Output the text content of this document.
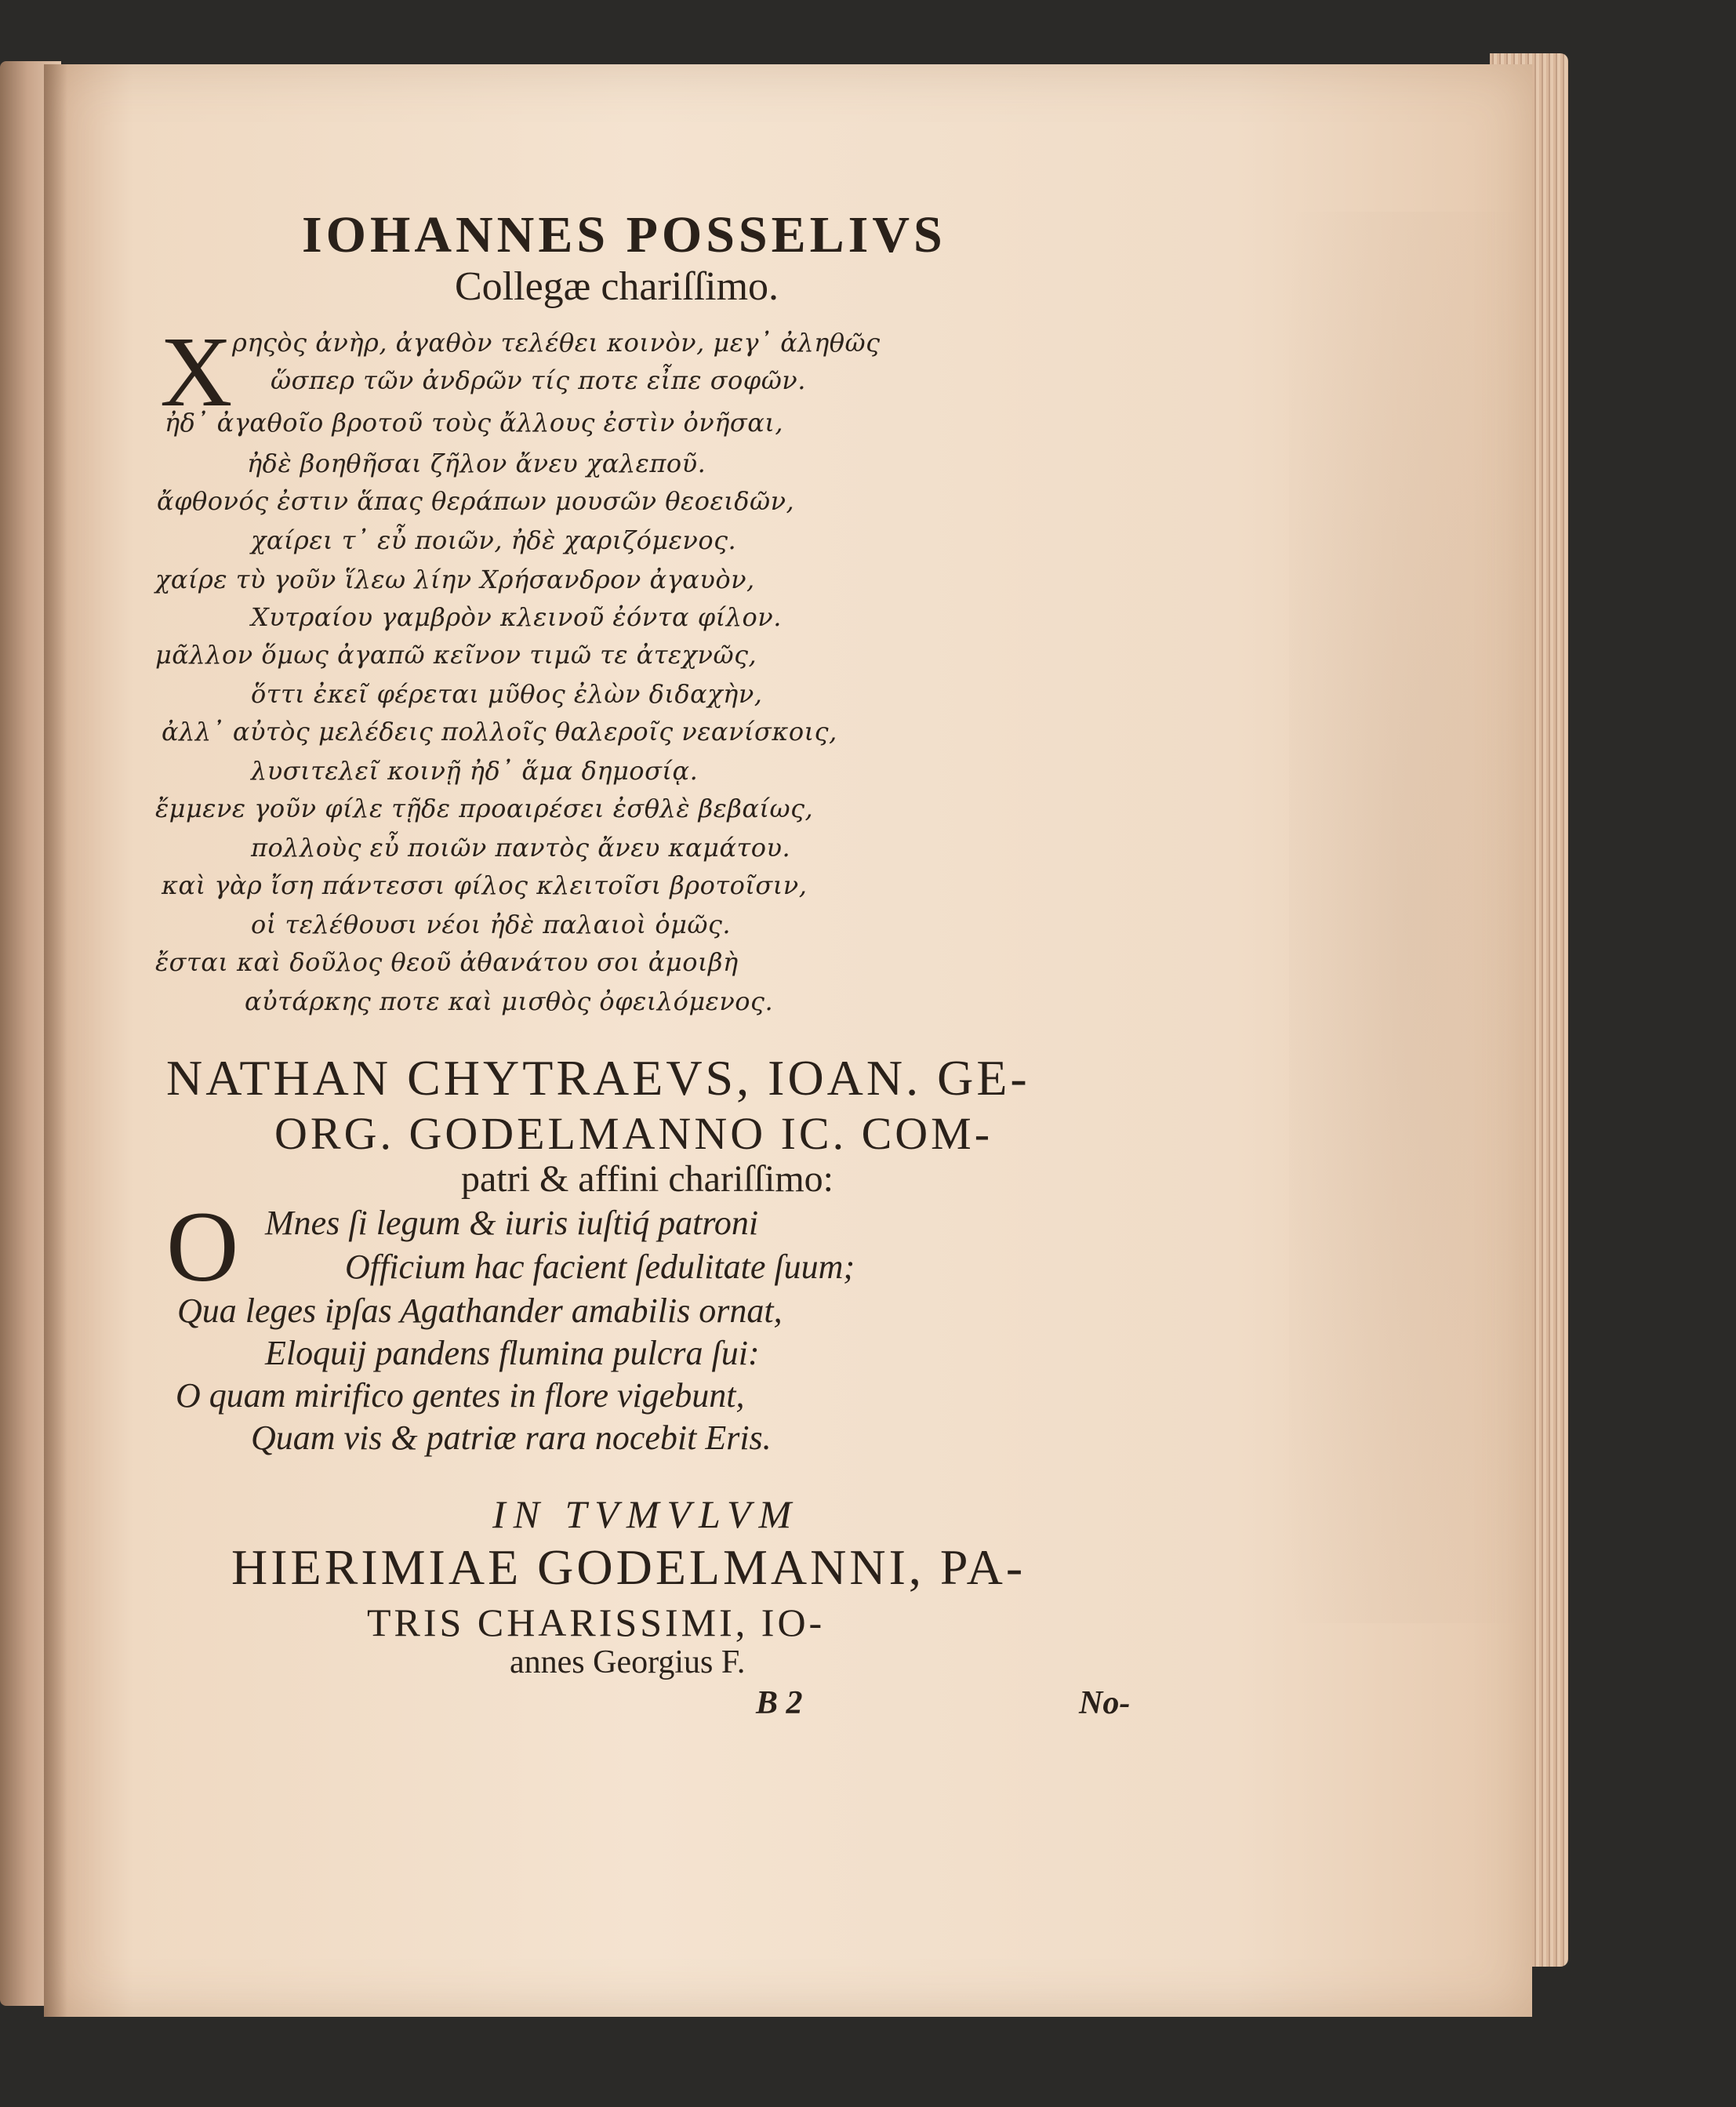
IOHANNES POSSELIVS
Collegæ chariſſimo.
X ρηςὸς ἀνὴρ, ἀγαθὸν τελέθει κοινὸν, μεγ᾽ ἀληθῶς
ὥσπερ τῶν ἀνδρῶν τίς ποτε εἶπε σοφῶν.
ἠδ᾽ ἀγαθοῖο βροτοῦ τοὺς ἄλλους ἐστὶν ὀνῆσαι,
ἠδὲ βοηθῆσαι ζῆλον ἄνευ χαλεποῦ.
ἄφθονός ἐστιν ἅπας θεράπων μουσῶν θεοειδῶν,
χαίρει τ᾽ εὖ ποιῶν, ἠδὲ χαριζόμενος.
χαίρε τὺ γοῦν ἵλεω λίην Χρήσανδρον ἀγαυὸν,
Χυτραίου γαμβρὸν κλεινοῦ ἐόντα φίλον.
μᾶλλον ὅμως ἀγαπῶ κεῖνον τιμῶ τε ἀτεχνῶς,
ὅττι ἐκεῖ φέρεται μῦθος ἐλὼν διδαχὴν,
ἀλλ᾽ αὐτὸς μελέδεις πολλοῖς θαλεροῖς νεανίσκοις,
λυσιτελεῖ κοινῇ ἠδ᾽ ἅμα δημοσίᾳ.
ἔμμενε γοῦν φίλε τῇδε προαιρέσει ἐσθλὲ βεβαίως,
πολλοὺς εὖ ποιῶν παντὸς ἄνευ καμάτου.
καὶ γὰρ ἴση πάντεσσι φίλος κλειτοῖσι βροτοῖσιν,
οἱ τελέθουσι νέοι ἠδὲ παλαιοὶ ὁμῶς.
ἔσται καὶ δοῦλος θεοῦ ἀθανάτου σοι ἀμοιβὴ
αὐτάρκης ποτε καὶ μισθὸς ὀφειλόμενος.
NATHAN CHYTRAEVS, IOAN. GE-
ORG. GODELMANNO IC. COM-
patri & affini chariſſimo:
O Mnes ſi legum & iuris iuſtiq́ patroni
Officium hac facient ſedulitate ſuum;
Qua leges ipſas Agathander amabilis ornat,
Eloquij pandens flumina pulcra ſui:
O quam mirifico gentes in flore vigebunt,
Quam vis & patriæ rara nocebit Eris.
IN TVMVLVM
HIERIMIAE GODELMANNI, PA-
TRIS CHARISSIMI, IO-
annes Georgius F.
B 2	No-
